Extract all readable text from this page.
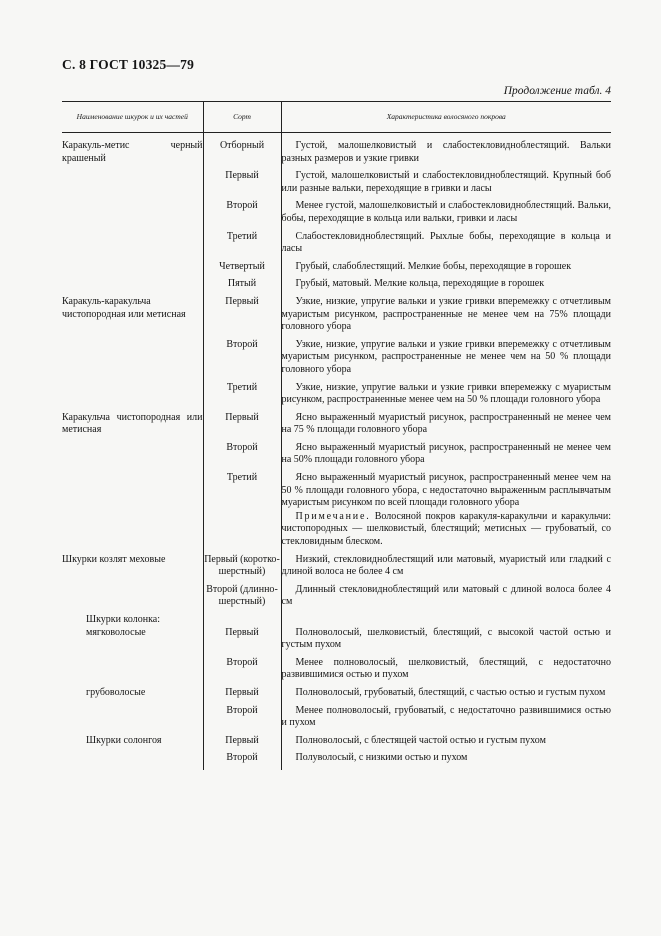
С. 8 ГОСТ 10325—79
Продолжение табл. 4
Наименование шкурок и их частей	Сорт	Характеристика волосяного покрова
Каракуль-метис черный крашеный	Отборный	Густой, малошелковистый и слабостекловидноблестящий. Вальки разных размеров и узкие гривки

	Первый	Густой, малошелковистый и слабостекловидноблестящий. Крупный боб или разные вальки, переходящие в гривки и ласы

	Второй	Менее густой, малошелковистый и слабостекловидноблестящий. Вальки, бобы, переходящие в кольца или вальки, гривки и ласы

	Третий	Слабостекловидноблестящий. Рыхлые бобы, переходящие в кольца и ласы

	Четвертый	Грубый, слабоблестящий. Мелкие бобы, переходящие в горошек

	Пятый	Грубый, матовый. Мелкие кольца, переходящие в горошек

Каракуль-каракульча чистопородная или метисная	Первый	Узкие, низкие, упругие вальки и узкие гривки вперемежку с отчетливым муаристым рисунком, распространенные не менее чем на 75% площади головного убора

	Второй	Узкие, низкие, упругие вальки и узкие гривки вперемежку с отчетливым муаристым рисунком, распространенные не менее чем на 50 % площади головного убора

	Третий	Узкие, низкие, упругие вальки и узкие гривки вперемежку с муаристым рисунком, распространенные менее чем на 50 % площади головного убора

Каракульча чистопородная или метисная	Первый	Ясно выраженный муаристый рисунок, распространенный не менее чем на 75 % площади головного убора

	Второй	Ясно выраженный муаристый рисунок, распространенный не менее чем на 50% площади головного убора

	Третий	Ясно выраженный муаристый рисунок, распространенный менее чем на 50 % площади головного убора, с недостаточно выраженным расплывчатым муаристым рисунком по всей площади головного убора
Примечание. Волосяной покров каракуля-каракульчи и каракульчи: чистопородных — шелковистый, блестящий; метисных — грубоватый, со стекловидным блеском.

Шкурки козлят меховые	Первый (короткошерстный)	Низкий, стекловидноблестящий или матовый, муаристый или гладкий с длиной волоса не более 4 см

	Второй (длинношерстный)	Длинный стекловидноблестящий или матовый с длиной волоса более 4 см

Шкурки колонка:
мягковолосые	Первый	Полноволосый, шелковистый, блестящий, с высокой частой остью и густым пухом

	Второй	Менее полноволосый, шелковистый, блестящий, с недостаточно развившимися остью и пухом

грубоволосые	Первый	Полноволосый, грубоватый, блестящий, с частью остью и густым пухом

	Второй	Менее полноволосый, грубоватый, с недостаточно развившимися остью и пухом

Шкурки солонгоя	Первый	Полноволосый, с блестящей частой остью и густым пухом

	Второй	Полуволосый, с низкими остью и пухом
